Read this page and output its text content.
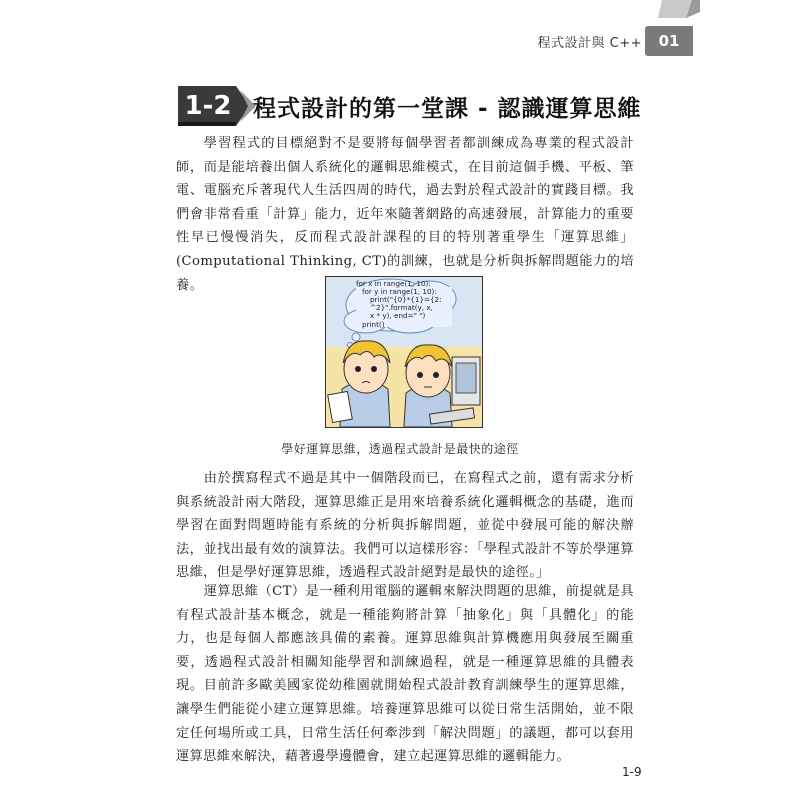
程式設計與 C++	01
1-2 程式設計的第一堂課 - 認識運算思維

學習程式的目標絕對不是要將每個學習者都訓練成為專業的程式設計師，而是能培養出個人系統化的邏輯思維模式，在目前這個手機、平板、筆電、電腦充斥著現代人生活四周的時代，過去對於程式設計的實踐目標。我們會非常看重「計算」能力，近年來隨著網路的高速發展，計算能力的重要性早已慢慢消失，反而程式設計課程的目的特別著重學生「運算思維」(Computational Thinking, CT)的訓練，也就是分析與拆解問題能力的培養。	for x in range(1, 10):
for y in range(1, 10):
print("{0}*{1}={2:
^2}".format(y, x,
x * y), end=" ")
print()
學好運算思維，透過程式設計是最快的途徑

由於撰寫程式不過是其中一個階段而已，在寫程式之前，還有需求分析與系統設計兩大階段，運算思維正是用來培養系統化邏輯概念的基礎，進而學習在面對問題時能有系統的分析與拆解問題，並從中發展可能的解決辦法，並找出最有效的演算法。我們可以這樣形容：「學程式設計不等於學運算思維，但是學好運算思維，透過程式設計絕對是最快的途徑。」

運算思維（CT）是一種利用電腦的邏輯來解決問題的思維，前提就是具有程式設計基本概念，就是一種能夠將計算「抽象化」與「具體化」的能力，也是每個人都應該具備的素養。運算思維與計算機應用與發展至關重要，透過程式設計相關知能學習和訓練過程，就是一種運算思維的具體表現。目前許多歐美國家從幼稚園就開始程式設計教育訓練學生的運算思維，讓學生們能從小建立運算思維。培養運算思維可以從日常生活開始，並不限定任何場所或工具，日常生活任何牽涉到「解決問題」的議題，都可以套用運算思維來解決，藉著邊學邊體會，建立起運算思維的邏輯能力。

1-9
